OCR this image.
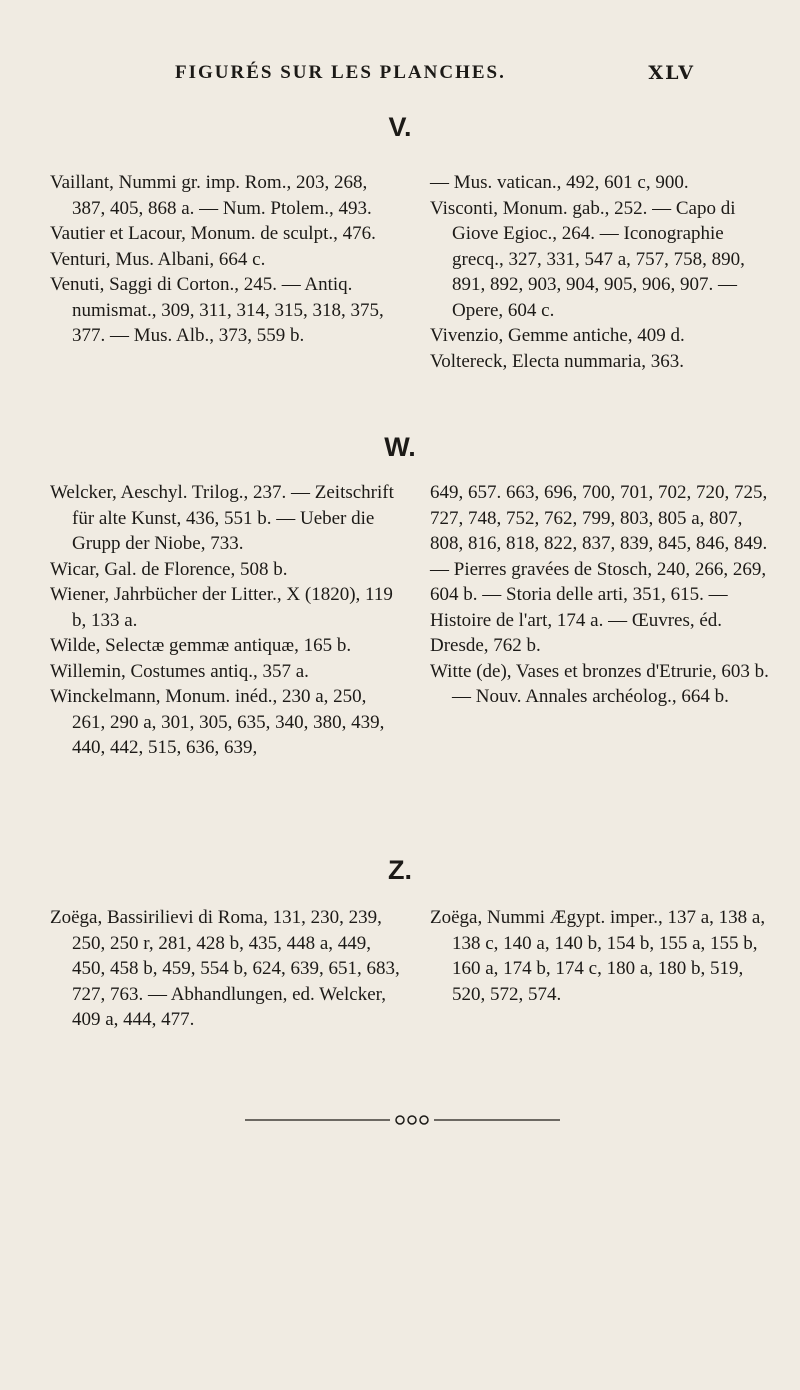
FIGURÉS SUR LES PLANCHES.	XLV
V.

Vaillant, Nummi gr. imp. Rom., 203, 268, 387, 405, 868 a. — Num. Ptolem., 493.

Vautier et Lacour, Monum. de sculpt., 476.

Venturi, Mus. Albani, 664 c.

Venuti, Saggi di Corton., 245. — Antiq. numismat., 309, 311, 314, 315, 318, 375, 377. — Mus. Alb., 373, 559 b.

— Mus. vatican., 492, 601 c, 900.

Visconti, Monum. gab., 252. — Capo di Giove Egioc., 264. — Iconographie grecq., 327, 331, 547 a, 757, 758, 890, 891, 892, 903, 904, 905, 906, 907. — Opere, 604 c.

Vivenzio, Gemme antiche, 409 d.

Voltereck, Electa nummaria, 363.

W.

Welcker, Aeschyl. Trilog., 237. — Zeitschrift für alte Kunst, 436, 551 b. — Ueber die Grupp der Niobe, 733.

Wicar, Gal. de Florence, 508 b.

Wiener, Jahrbücher der Litter., X (1820), 119 b, 133 a.

Wilde, Selectæ gemmæ antiquæ, 165 b.

Willemin, Costumes antiq., 357 a.

Winckelmann, Monum. inéd., 230 a, 250, 261, 290 a, 301, 305, 635, 340, 380, 439, 440, 442, 515, 636, 639,

649, 657. 663, 696, 700, 701, 702, 720, 725, 727, 748, 752, 762, 799, 803, 805 a, 807, 808, 816, 818, 822, 837, 839, 845, 846, 849. — Pierres gravées de Stosch, 240, 266, 269, 604 b. — Storia delle arti, 351, 615. — Histoire de l'art, 174 a. — Œuvres, éd. Dresde, 762 b.

Witte (de), Vases et bronzes d'Etrurie, 603 b. — Nouv. Annales archéolog., 664 b.

Z.

Zoëga, Bassirilievi di Roma, 131, 230, 239, 250, 250 r, 281, 428 b, 435, 448 a, 449, 450, 458 b, 459, 554 b, 624, 639, 651, 683, 727, 763. — Abhandlungen, ed. Welcker, 409 a, 444, 477.

Zoëga, Nummi Ægypt. imper., 137 a, 138 a, 138 c, 140 a, 140 b, 154 b, 155 a, 155 b, 160 a, 174 b, 174 c, 180 a, 180 b, 519, 520, 572, 574.
